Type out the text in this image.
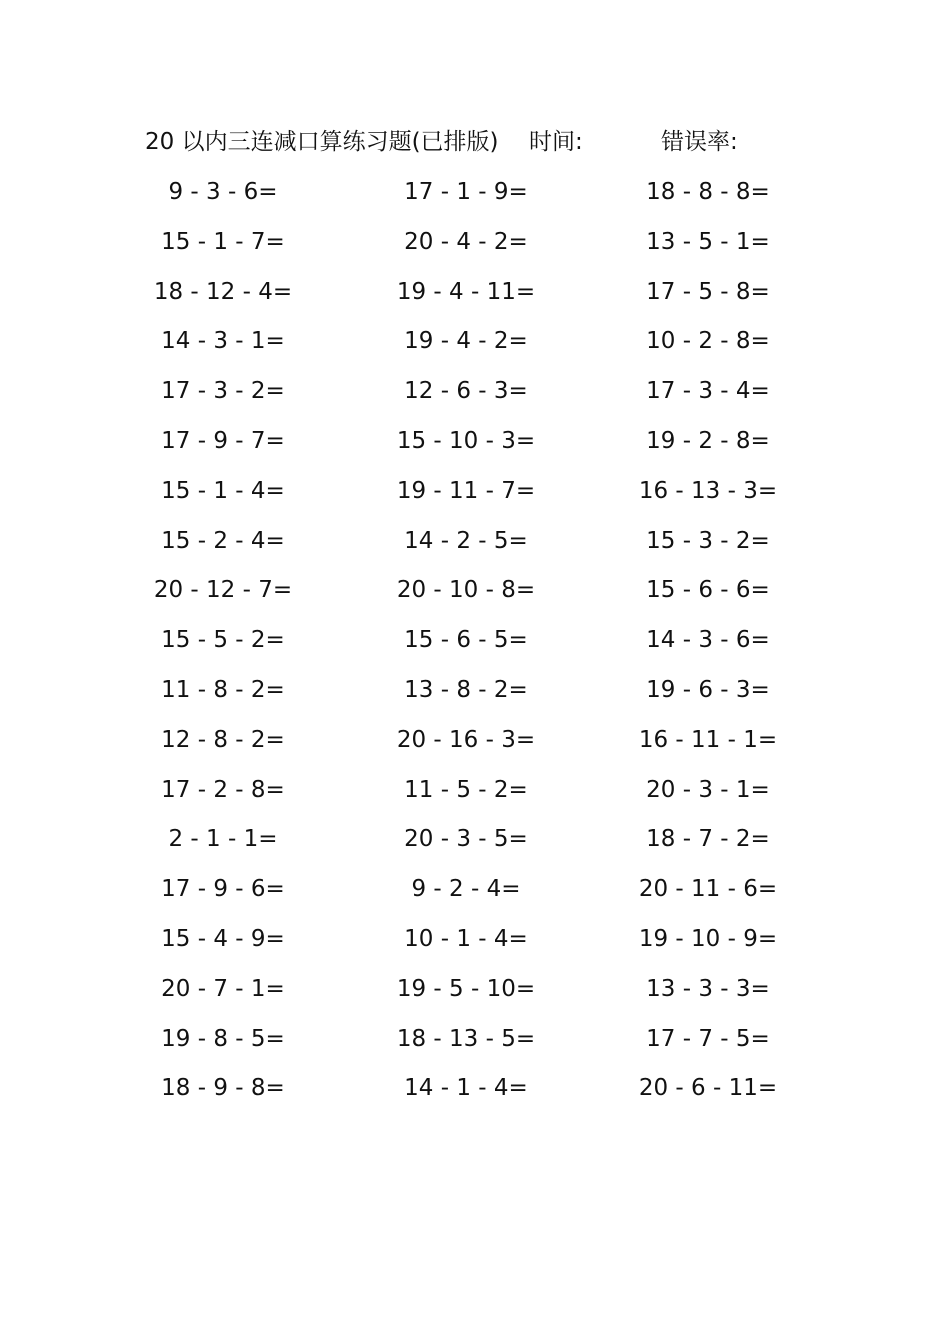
20 以内三连减口算练习题(已排版) 时间:	错误率:
9 - 3 - 6=	17 - 1 - 9=	18 - 8 - 8=
15 - 1 - 7=	20 - 4 - 2=	13 - 5 - 1=
18 - 12 - 4=	19 - 4 - 11=	17 - 5 - 8=
14 - 3 - 1=	19 - 4 - 2=	10 - 2 - 8=
17 - 3 - 2=	12 - 6 - 3=	17 - 3 - 4=
17 - 9 - 7=	15 - 10 - 3=	19 - 2 - 8=
15 - 1 - 4=	19 - 11 - 7=	16 - 13 - 3=
15 - 2 - 4=	14 - 2 - 5=	15 - 3 - 2=
20 - 12 - 7=	20 - 10 - 8=	15 - 6 - 6=
15 - 5 - 2=	15 - 6 - 5=	14 - 3 - 6=
11 - 8 - 2=	13 - 8 - 2=	19 - 6 - 3=
12 - 8 - 2=	20 - 16 - 3=	16 - 11 - 1=
17 - 2 - 8=	11 - 5 - 2=	20 - 3 - 1=
2 - 1 - 1=	20 - 3 - 5=	18 - 7 - 2=
17 - 9 - 6=	9 - 2 - 4=	20 - 11 - 6=
15 - 4 - 9=	10 - 1 - 4=	19 - 10 - 9=
20 - 7 - 1=	19 - 5 - 10=	13 - 3 - 3=
19 - 8 - 5=	18 - 13 - 5=	17 - 7 - 5=
18 - 9 - 8=	14 - 1 - 4=	20 - 6 - 11=
